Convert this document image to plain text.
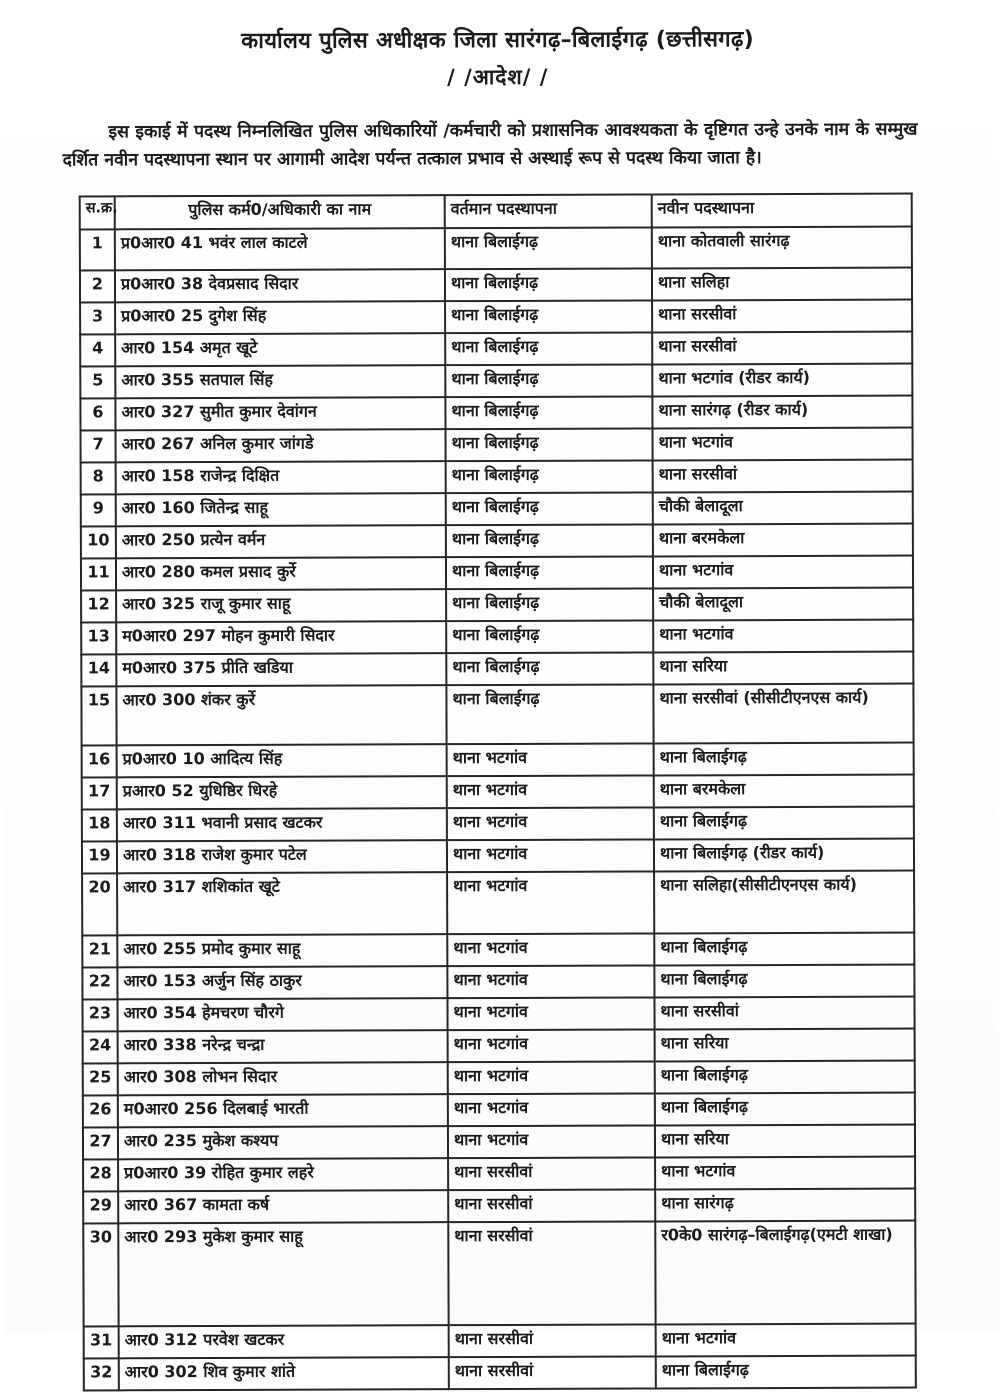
कार्यालय पुलिस अधीक्षक जिला सारंगढ़–बिलाईगढ़ (छत्तीसगढ़)
/ /आदेश/ /

इस इकाई में पदस्थ निम्नलिखित पुलिस अधिकारियों /कर्मचारी को प्रशासनिक आवश्यकता के दृष्टिगत उन्हे उनके नाम के सम्मुख दर्शित नवीन पदस्थापना स्थान पर आगामी आदेश पर्यन्त तत्काल प्रभाव से अस्थाई रूप से पदस्थ किया जाता है।

स.क्र.	पुलिस कर्म0/अधिकारी का नाम	वर्तमान पदस्थापना	नवीन पदस्थापना
1	प्र0आर0 41 भवंर लाल काटले	थाना बिलाईगढ़	थाना कोतवाली सारंगढ़
2	प्र0आर0 38 देवप्रसाद सिदार	थाना बिलाईगढ़	थाना सलिहा
3	प्र0आर0 25 दुगेश सिंह	थाना बिलाईगढ़	थाना सरसीवां
4	आर0 154 अमृत खूटे	थाना बिलाईगढ़	थाना सरसीवां
5	आर0 355 सतपाल सिंह	थाना बिलाईगढ़	थाना भटगांव (रीडर कार्य)
6	आर0 327 सुमीत कुमार देवांगन	थाना बिलाईगढ़	थाना सारंगढ़ (रीडर कार्य)
7	आर0 267 अनिल कुमार जांगडे	थाना बिलाईगढ़	थाना भटगांव
8	आर0 158 राजेन्द्र दिक्षित	थाना बिलाईगढ़	थाना सरसीवां
9	आर0 160 जितेन्द्र साहू	थाना बिलाईगढ़	चौकी बेलादूला
10	आर0 250 प्रत्येन वर्मन	थाना बिलाईगढ़	थाना बरमकेला
11	आर0 280 कमल प्रसाद कुर्रे	थाना बिलाईगढ़	थाना भटगांव
12	आर0 325 राजू कुमार साहू	थाना बिलाईगढ़	चौकी बेलादूला
13	म0आर0 297 मोहन कुमारी सिदार	थाना बिलाईगढ़	थाना भटगांव
14	म0आर0 375 प्रीति खडिया	थाना बिलाईगढ़	थाना सरिया
15	आर0 300 शंकर कुर्रे	थाना बिलाईगढ़	थाना सरसीवां (सीसीटीएनएस कार्य)
16	प्र0आर0 10 आदित्य सिंह	थाना भटगांव	थाना बिलाईगढ़
17	प्रआर0 52 युधिष्ठिर धिरहे	थाना भटगांव	थाना बरमकेला
18	आर0 311 भवानी प्रसाद खटकर	थाना भटगांव	थाना बिलाईगढ़
19	आर0 318 राजेश कुमार पटेल	थाना भटगांव	थाना बिलाईगढ़ (रीडर कार्य)
20	आर0 317 शशिकांत खूटे	थाना भटगांव	थाना सलिहा(सीसीटीएनएस कार्य)
21	आर0 255 प्रमोद कुमार साहू	थाना भटगांव	थाना बिलाईगढ़
22	आर0 153 अर्जुन सिंह ठाकुर	थाना भटगांव	थाना बिलाईगढ़
23	आर0 354 हेमचरण चौरगे	थाना भटगांव	थाना सरसीवां
24	आर0 338 नरेन्द्र चन्द्रा	थाना भटगांव	थाना सरिया
25	आर0 308 लोभन सिदार	थाना भटगांव	थाना बिलाईगढ़
26	म0आर0 256 दिलबाई भारती	थाना भटगांव	थाना बिलाईगढ़
27	आर0 235 मुकेश कश्यप	थाना भटगांव	थाना सरिया
28	प्र0आर0 39 रोहित कुमार लहरे	थाना सरसीवां	थाना भटगांव
29	आर0 367 कामता कर्ष	थाना सरसीवां	थाना सारंगढ़
30	आर0 293 मुकेश कुमार साहू	थाना सरसीवां	र0के0 सारंगढ़–बिलाईगढ़(एमटी शाखा)
31	आर0 312 परवेश खटकर	थाना सरसीवां	थाना भटगांव
32	आर0 302 शिव कुमार शांते	थाना सरसीवां	थाना बिलाईगढ़
